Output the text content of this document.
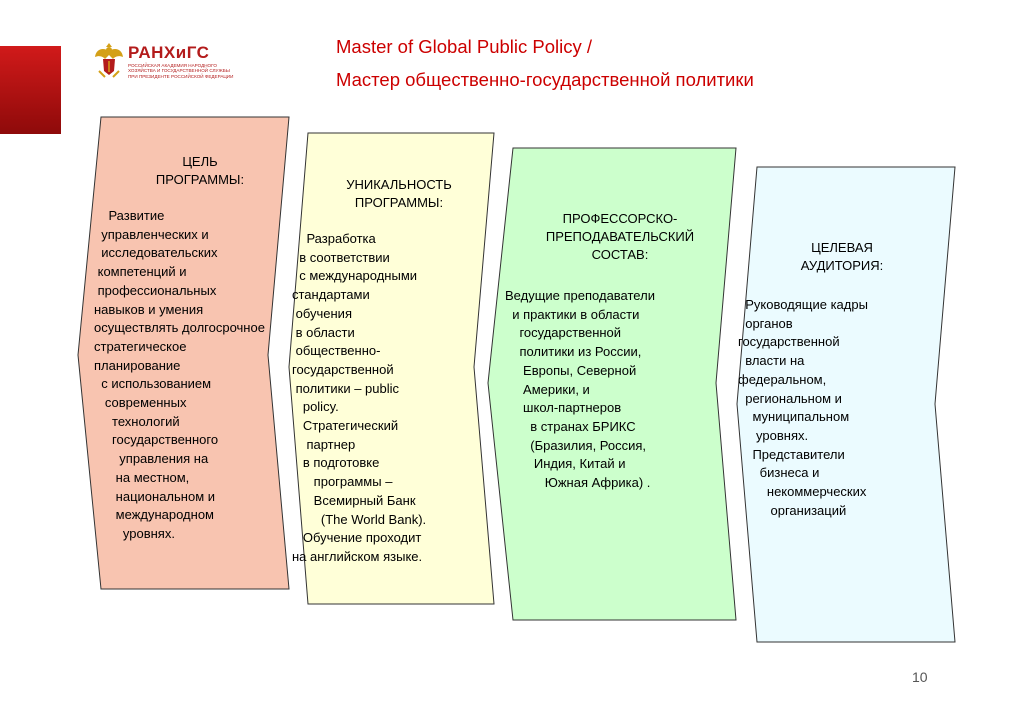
РАНХиГС
РОССИЙСКАЯ АКАДЕМИЯ НАРОДНОГО ХОЗЯЙСТВА И ГОСУДАРСТВЕННОЙ СЛУЖБЫ ПРИ ПРЕЗИДЕНТЕ РОССИЙСКОЙ ФЕДЕРАЦИИ
Master of Global Public Policy /
Мастер общественно-государственной политики
ЦЕЛЬ
ПРОГРАММЫ:
Развитие
управленческих и
исследовательских
компетенций и
профессиональных
навыков и умения
осуществлять долгосрочное
стратегическое
планирование
с использованием
современных
технологий
государственного
управления на
на местном,
национальном и
международном
уровнях.
УНИКАЛЬНОСТЬ
ПРОГРАММЫ:
Разработка
в соответствии
с международными
стандартами
обучения
в области
общественно-
государственной
политики – public
policy.
Стратегический
партнер
в подготовке
программы –
Всемирный Банк
(The World Bank).
Обучение проходит
на английском языке.
ПРОФЕССОРСКО-
ПРЕПОДАВАТЕЛЬСКИЙ
СОСТАВ:
Ведущие преподаватели
и практики в области
государственной
политики из России,
Европы, Северной
Америки, и
школ-партнеров
в странах БРИКС
(Бразилия, Россия,
Индия, Китай и
Южная Африка) .
ЦЕЛЕВАЯ
АУДИТОРИЯ:
Руководящие кадры
органов
государственной
власти на
федеральном,
региональном и
муниципальном
уровнях.
Представители
бизнеса и
некоммерческих
организаций
10
